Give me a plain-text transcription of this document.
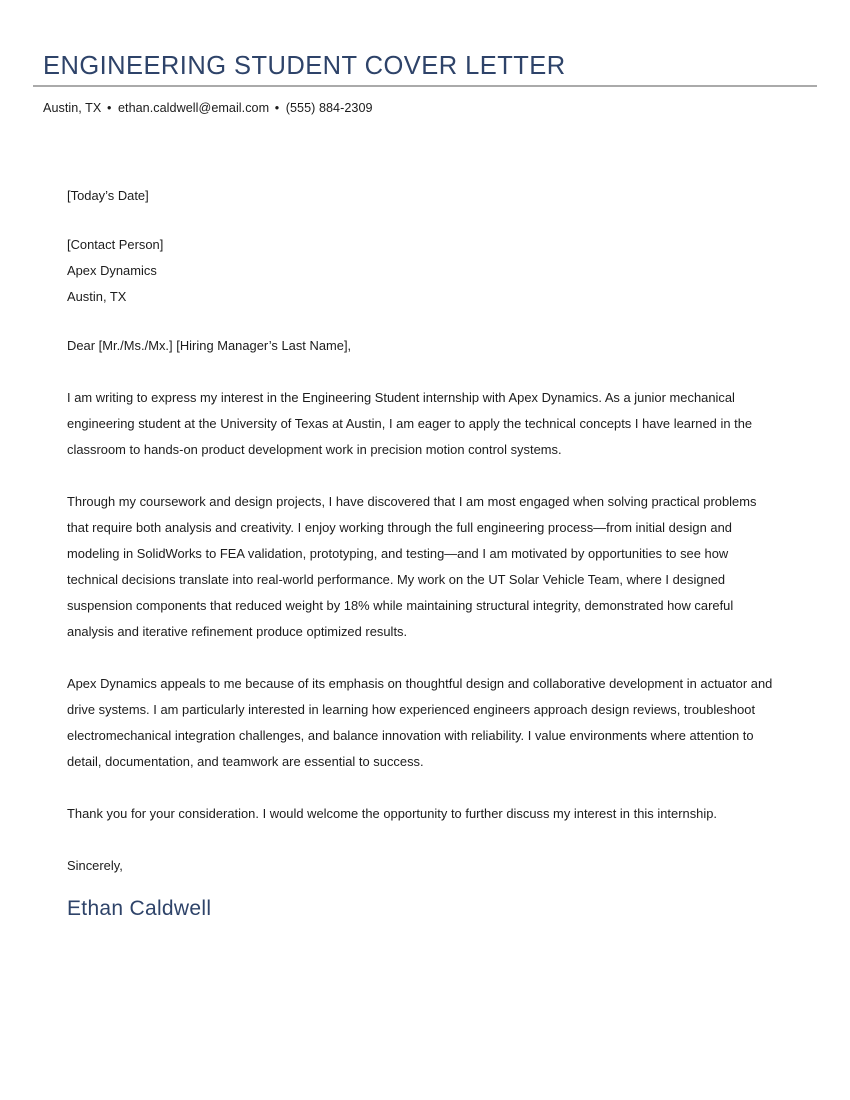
ENGINEERING STUDENT COVER LETTER
Austin, TX • ethan.caldwell@email.com • (555) 884-2309

[Today’s Date]

[Contact Person]
Apex Dynamics
Austin, TX

Dear [Mr./Ms./Mx.] [Hiring Manager’s Last Name],

I am writing to express my interest in the Engineering Student internship with Apex Dynamics. As a junior mechanical engineering student at the University of Texas at Austin, I am eager to apply the technical concepts I have learned in the classroom to hands-on product development work in precision motion control systems.

Through my coursework and design projects, I have discovered that I am most engaged when solving practical problems that require both analysis and creativity. I enjoy working through the full engineering process—from initial design and modeling in SolidWorks to FEA validation, prototyping, and testing—and I am motivated by opportunities to see how technical decisions translate into real-world performance. My work on the UT Solar Vehicle Team, where I designed suspension components that reduced weight by 18% while maintaining structural integrity, demonstrated how careful analysis and iterative refinement produce optimized results.

Apex Dynamics appeals to me because of its emphasis on thoughtful design and collaborative development in actuator and drive systems. I am particularly interested in learning how experienced engineers approach design reviews, troubleshoot electromechanical integration challenges, and balance innovation with reliability. I value environments where attention to detail, documentation, and teamwork are essential to success.

Thank you for your consideration. I would welcome the opportunity to further discuss my interest in this internship.

Sincerely,

Ethan Caldwell
